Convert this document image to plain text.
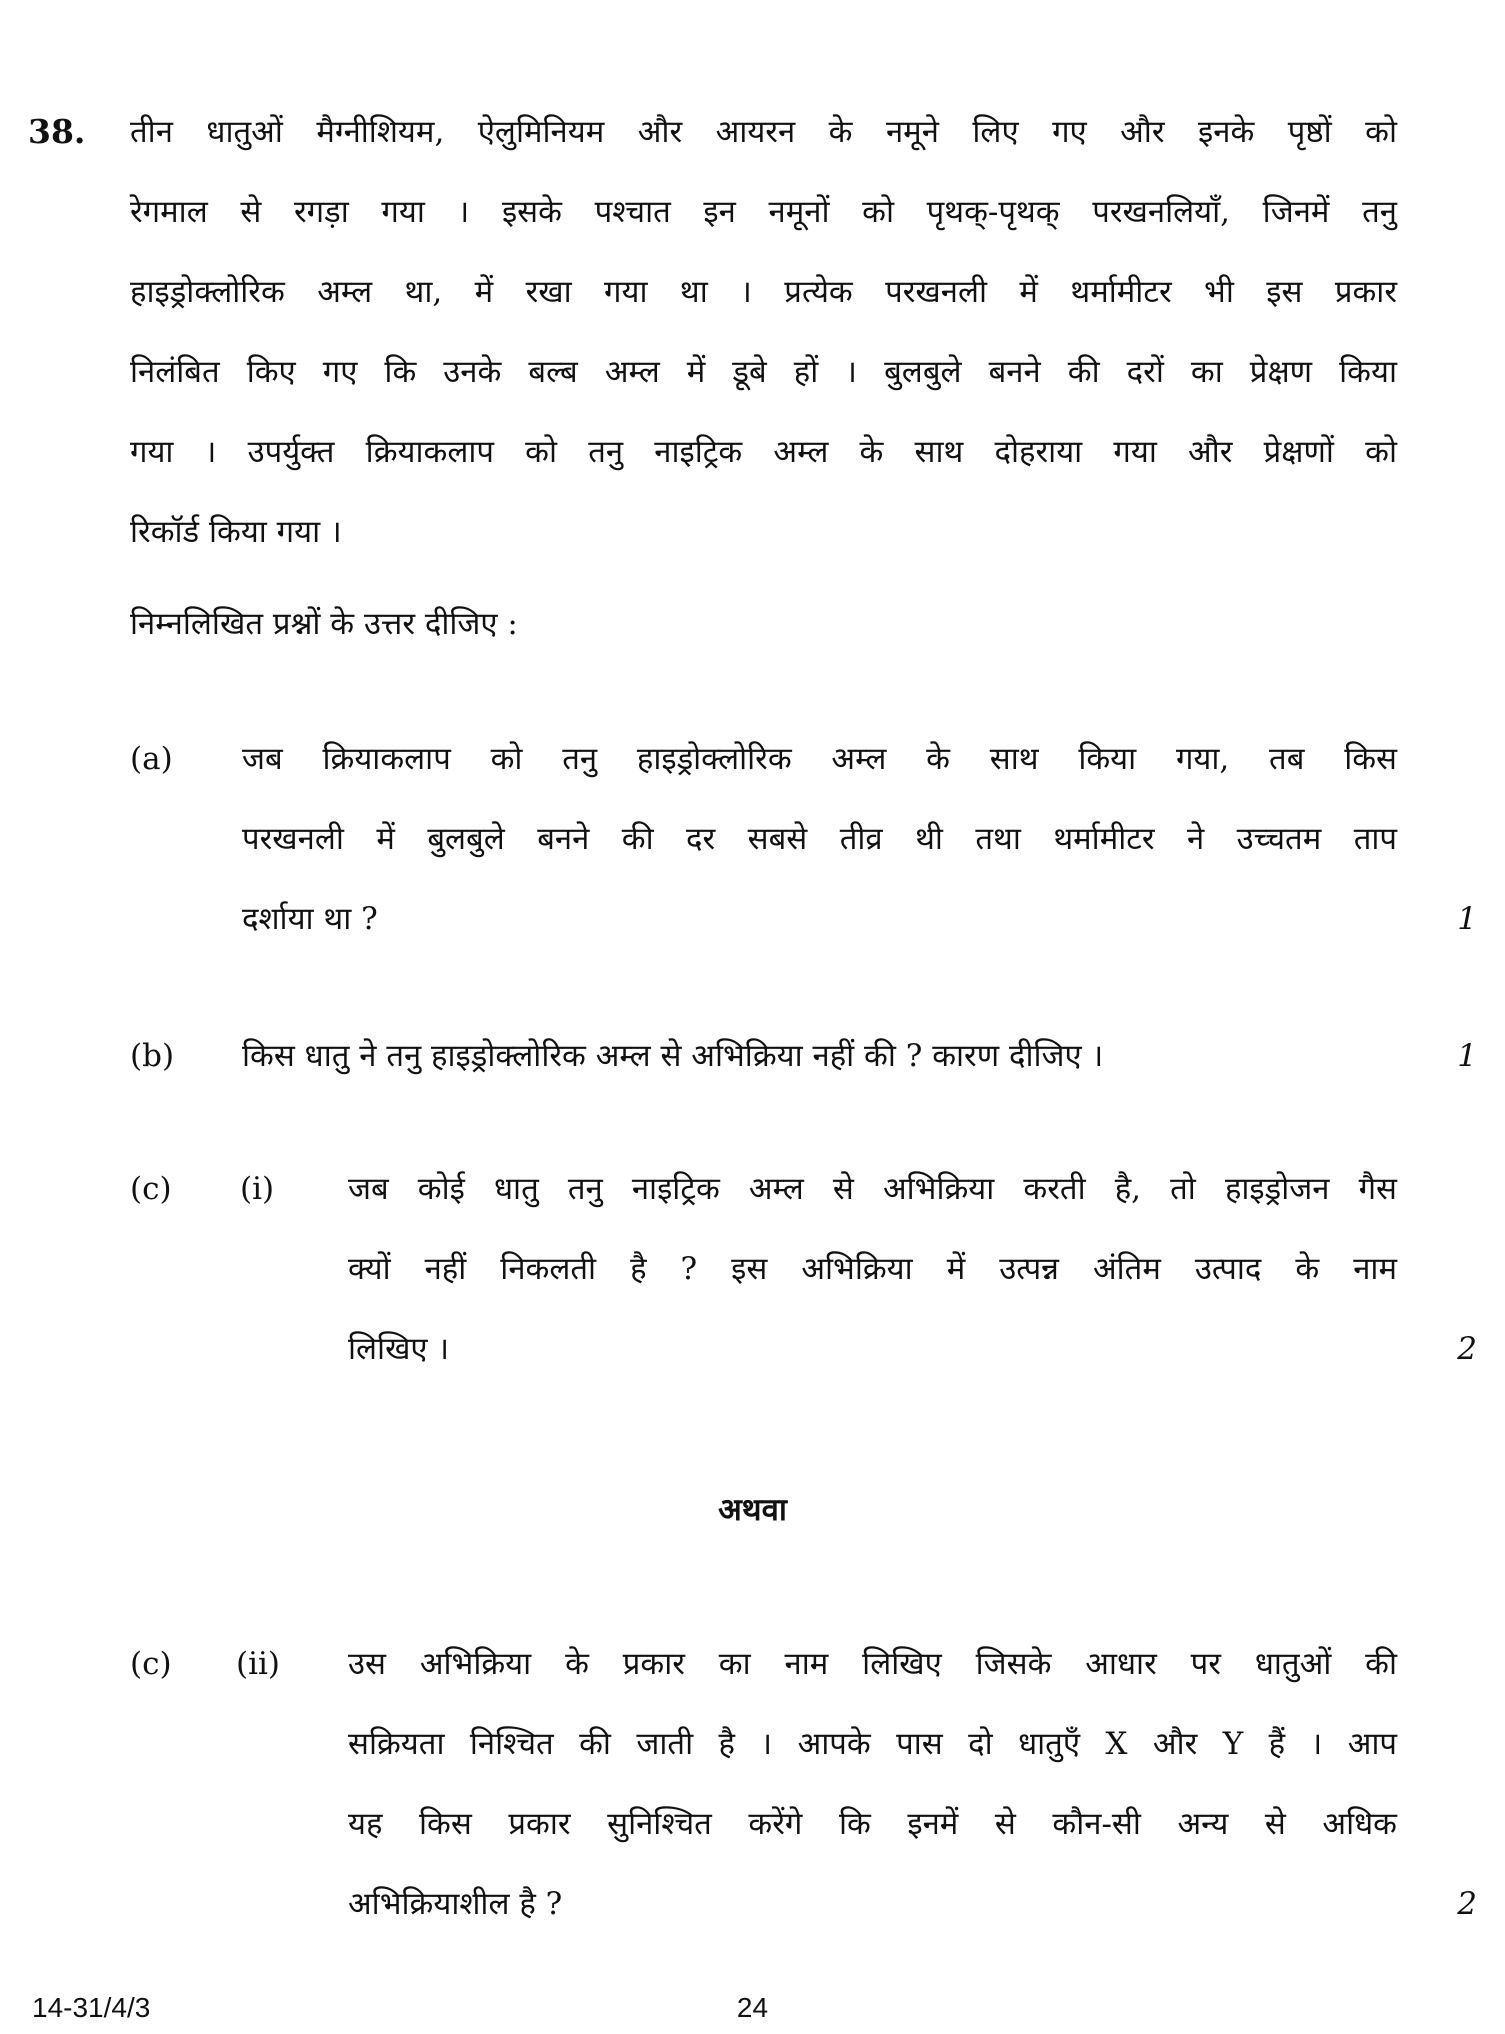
38. तीन धातुओं मैग्नीशियम, ऐलुमिनियम और आयरन के नमूने लिए गए और इनके पृष्ठों को
रेगमाल से रगड़ा गया । इसके पश्चात इन नमूनों को पृथक्-पृथक् परखनलियाँ, जिनमें तनु
हाइड्रोक्लोरिक अम्ल था, में रखा गया था । प्रत्येक परखनली में थर्मामीटर भी इस प्रकार
निलंबित किए गए कि उनके बल्ब अम्ल में डूबे हों । बुलबुले बनने की दरों का प्रेक्षण किया
गया । उपर्युक्त क्रियाकलाप को तनु नाइट्रिक अम्ल के साथ दोहराया गया और प्रेक्षणों को
रिकॉर्ड किया गया ।
निम्नलिखित प्रश्नों के उत्तर दीजिए :
(a) जब क्रियाकलाप को तनु हाइड्रोक्लोरिक अम्ल के साथ किया गया, तब किस
परखनली में बुलबुले बनने की दर सबसे तीव्र थी तथा थर्मामीटर ने उच्चतम ताप
दर्शाया था ?	1
(b) किस धातु ने तनु हाइड्रोक्लोरिक अम्ल से अभिक्रिया नहीं की ? कारण दीजिए ।	1
(c) (i) जब कोई धातु तनु नाइट्रिक अम्ल से अभिक्रिया करती है, तो हाइड्रोजन गैस
क्यों नहीं निकलती है ? इस अभिक्रिया में उत्पन्न अंतिम उत्पाद के नाम
लिखिए ।	2
अथवा
(c) (ii) उस अभिक्रिया के प्रकार का नाम लिखिए जिसके आधार पर धातुओं की
सक्रियता निश्चित की जाती है । आपके पास दो धातुएँ X और Y हैं । आप
यह किस प्रकार सुनिश्चित करेंगे कि इनमें से कौन-सी अन्य से अधिक
अभिक्रियाशील है ?	2
14-31/4/3	24
